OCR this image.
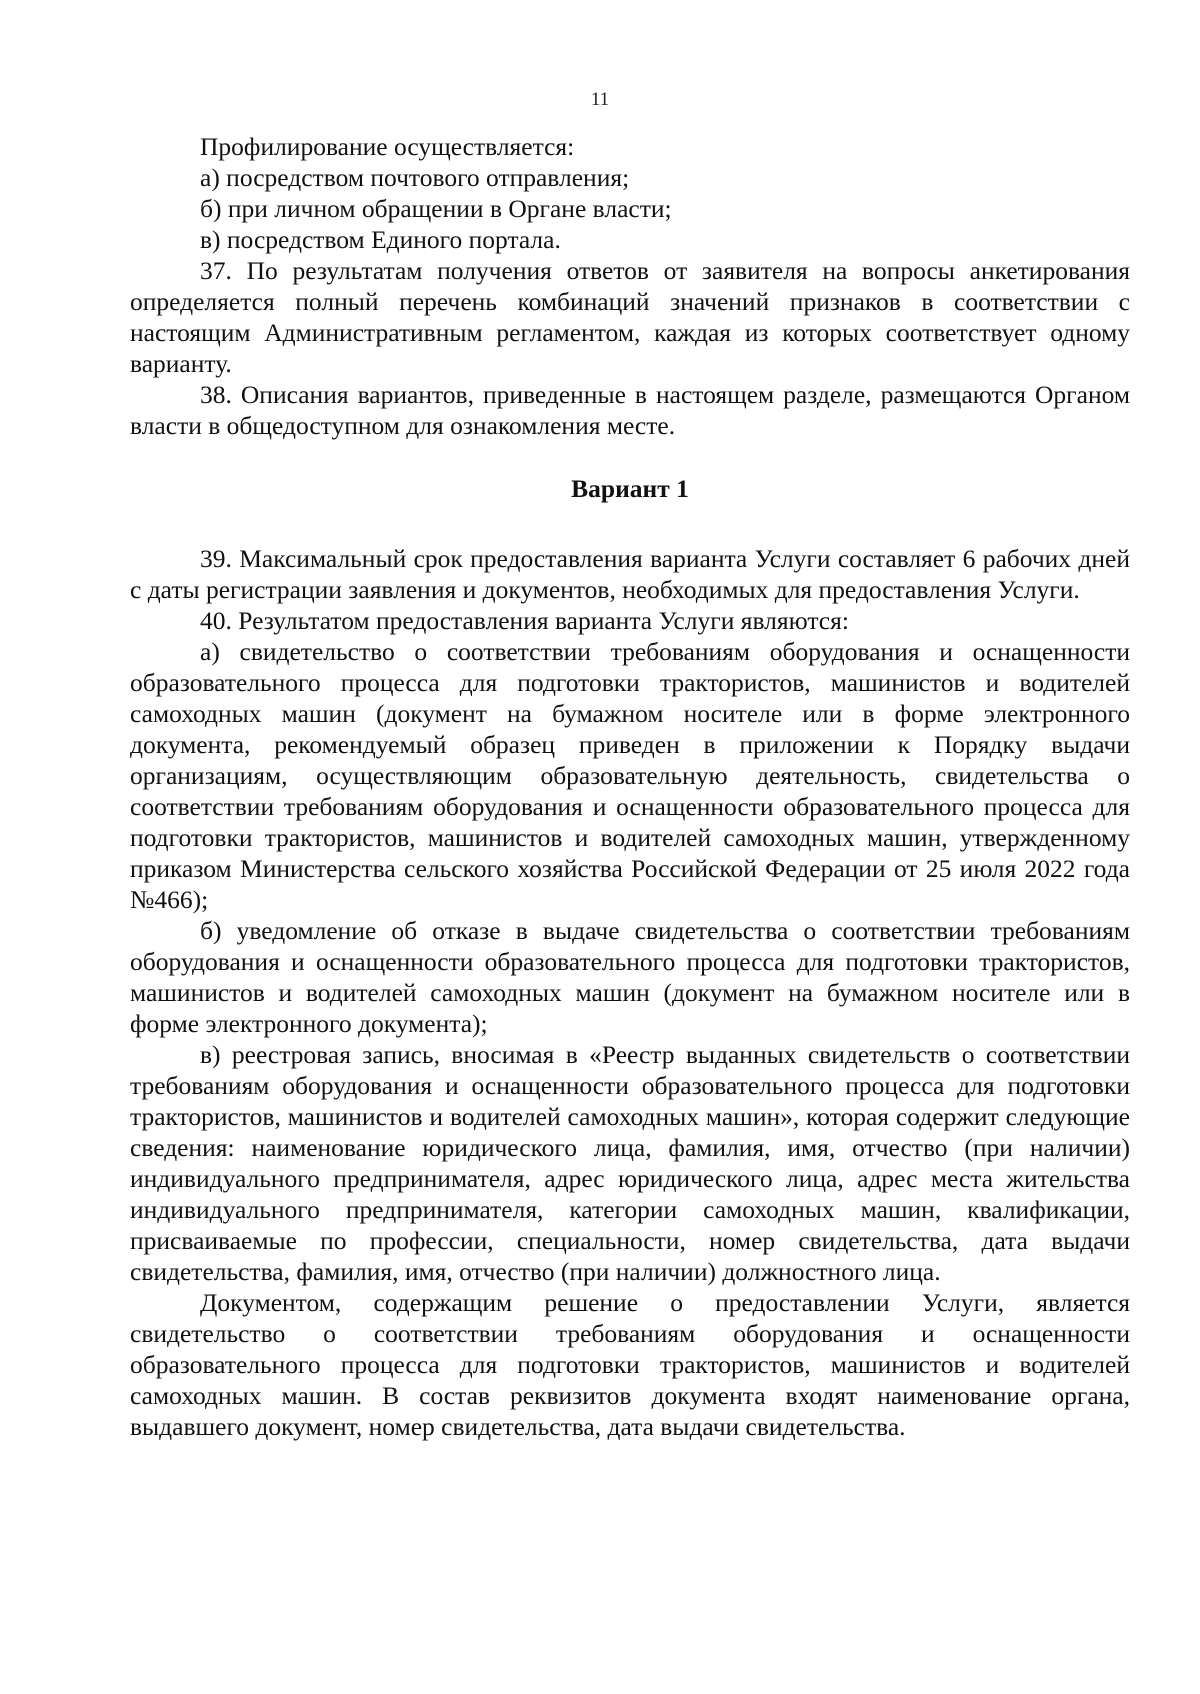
11

Профилирование осуществляется:

а) посредством почтового отправления;

б) при личном обращении в Органе власти;

в) посредством Единого портала.

37. По результатам получения ответов от заявителя на вопросы анкетирования определяется полный перечень комбинаций значений признаков в соответствии с настоящим Административным регламентом, каждая из которых соответствует одному варианту.

38. Описания вариантов, приведенные в настоящем разделе, размещаются Органом власти в общедоступном для ознакомления месте.

Вариант 1

39. Максимальный срок предоставления варианта Услуги составляет 6 рабочих дней с даты регистрации заявления и документов, необходимых для предоставления Услуги.

40. Результатом предоставления варианта Услуги являются:

а) свидетельство о соответствии требованиям оборудования и оснащенности образовательного процесса для подготовки трактористов, машинистов и водителей самоходных машин (документ на бумажном носителе или в форме электронного документа, рекомендуемый образец приведен в приложении к Порядку выдачи организациям, осуществляющим образовательную деятельность, свидетельства о соответствии требованиям оборудования и оснащенности образовательного процесса для подготовки трактористов, машинистов и водителей самоходных машин, утвержденному приказом Министерства сельского хозяйства Российской Федерации от 25 июля 2022 года №466);

б) уведомление об отказе в выдаче свидетельства о соответствии требованиям оборудования и оснащенности образовательного процесса для подготовки трактористов, машинистов и водителей самоходных машин (документ на бумажном носителе или в форме электронного документа);

в) реестровая запись, вносимая в «Реестр выданных свидетельств о соответствии требованиям оборудования и оснащенности образовательного процесса для подготовки трактористов, машинистов и водителей самоходных машин», которая содержит следующие сведения: наименование юридического лица, фамилия, имя, отчество (при наличии) индивидуального предпринимателя, адрес юридического лица, адрес места жительства индивидуального предпринимателя, категории самоходных машин, квалификации, присваиваемые по профессии, специальности, номер свидетельства, дата выдачи свидетельства, фамилия, имя, отчество (при наличии) должностного лица.

Документом, содержащим решение о предоставлении Услуги, является свидетельство о соответствии требованиям оборудования и оснащенности образовательного процесса для подготовки трактористов, машинистов и водителей самоходных машин. В состав реквизитов документа входят наименование органа, выдавшего документ, номер свидетельства, дата выдачи свидетельства.
